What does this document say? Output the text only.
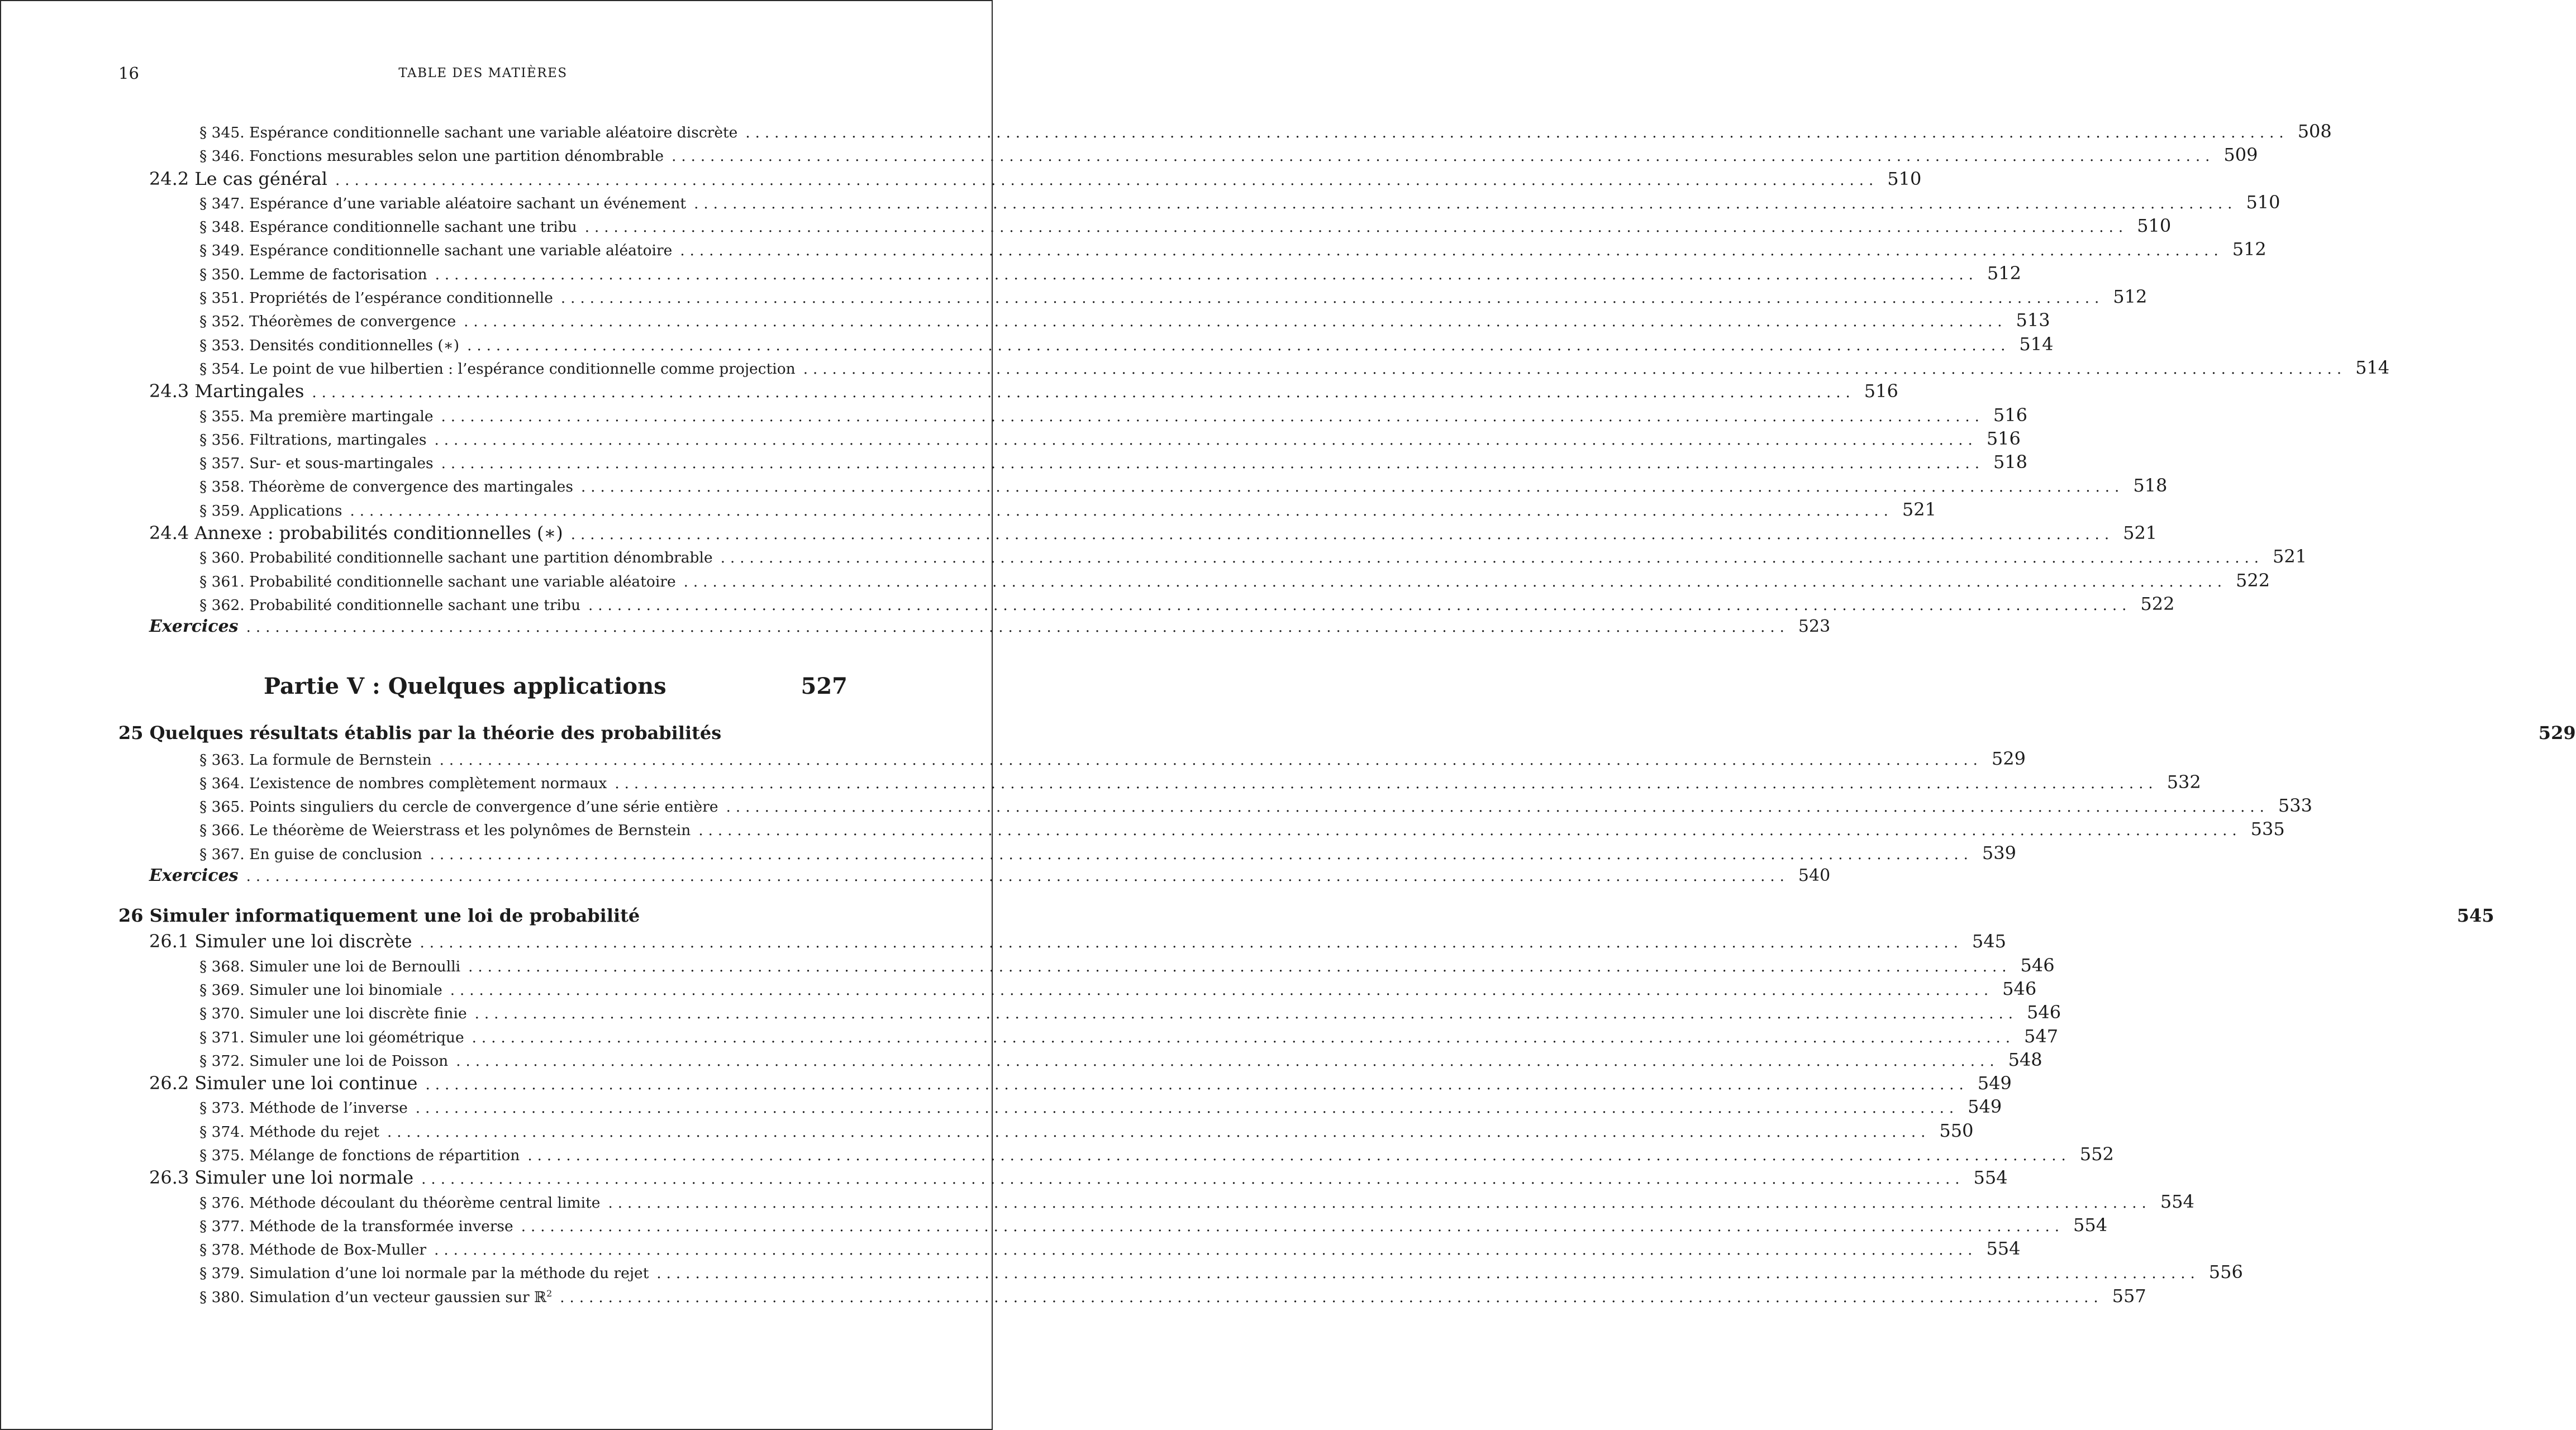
16	TABLE DES MATIÈRES
§ 345. Espérance conditionnelle sachant une variable aléatoire discrète ................................................................................................................................................................ 508
§ 346. Fonctions mesurables selon une partition dénombrable ................................................................................................................................................................ 509
24.2 Le cas général ................................................................................................................................................................ 510
§ 347. Espérance d’une variable aléatoire sachant un événement ................................................................................................................................................................ 510
§ 348. Espérance conditionnelle sachant une tribu ................................................................................................................................................................ 510
§ 349. Espérance conditionnelle sachant une variable aléatoire ................................................................................................................................................................ 512
§ 350. Lemme de factorisation ................................................................................................................................................................ 512
§ 351. Propriétés de l’espérance conditionnelle ................................................................................................................................................................ 512
§ 352. Théorèmes de convergence ................................................................................................................................................................ 513
§ 353. Densités conditionnelles (∗) ................................................................................................................................................................ 514
§ 354. Le point de vue hilbertien : l’espérance conditionnelle comme projection ................................................................................................................................................................ 514
24.3 Martingales ................................................................................................................................................................ 516
§ 355. Ma première martingale ................................................................................................................................................................ 516
§ 356. Filtrations, martingales ................................................................................................................................................................ 516
§ 357. Sur- et sous-martingales ................................................................................................................................................................ 518
§ 358. Théorème de convergence des martingales ................................................................................................................................................................ 518
§ 359. Applications ................................................................................................................................................................ 521
24.4 Annexe : probabilités conditionnelles (∗) ................................................................................................................................................................ 521
§ 360. Probabilité conditionnelle sachant une partition dénombrable ................................................................................................................................................................ 521
§ 361. Probabilité conditionnelle sachant une variable aléatoire ................................................................................................................................................................ 522
§ 362. Probabilité conditionnelle sachant une tribu ................................................................................................................................................................ 522
Exercices ................................................................................................................................................................ 523
Partie V : Quelques applications	527
25 Quelques résultats établis par la théorie des probabilités	529
§ 363. La formule de Bernstein ................................................................................................................................................................ 529
§ 364. L’existence de nombres complètement normaux ................................................................................................................................................................ 532
§ 365. Points singuliers du cercle de convergence d’une série entière ................................................................................................................................................................ 533
§ 366. Le théorème de Weierstrass et les polynômes de Bernstein ................................................................................................................................................................ 535
§ 367. En guise de conclusion ................................................................................................................................................................ 539
Exercices ................................................................................................................................................................ 540
26 Simuler informatiquement une loi de probabilité	545
26.1 Simuler une loi discrète ................................................................................................................................................................ 545
§ 368. Simuler une loi de Bernoulli ................................................................................................................................................................ 546
§ 369. Simuler une loi binomiale ................................................................................................................................................................ 546
§ 370. Simuler une loi discrète finie ................................................................................................................................................................ 546
§ 371. Simuler une loi géométrique ................................................................................................................................................................ 547
§ 372. Simuler une loi de Poisson ................................................................................................................................................................ 548
26.2 Simuler une loi continue ................................................................................................................................................................ 549
§ 373. Méthode de l’inverse ................................................................................................................................................................ 549
§ 374. Méthode du rejet ................................................................................................................................................................ 550
§ 375. Mélange de fonctions de répartition ................................................................................................................................................................ 552
26.3 Simuler une loi normale ................................................................................................................................................................ 554
§ 376. Méthode découlant du théorème central limite ................................................................................................................................................................ 554
§ 377. Méthode de la transformée inverse ................................................................................................................................................................ 554
§ 378. Méthode de Box-Muller ................................................................................................................................................................ 554
§ 379. Simulation d’une loi normale par la méthode du rejet ................................................................................................................................................................ 556
§ 380. Simulation d’un vecteur gaussien sur ℝ$^2$ ................................................................................................................................................................ 557
